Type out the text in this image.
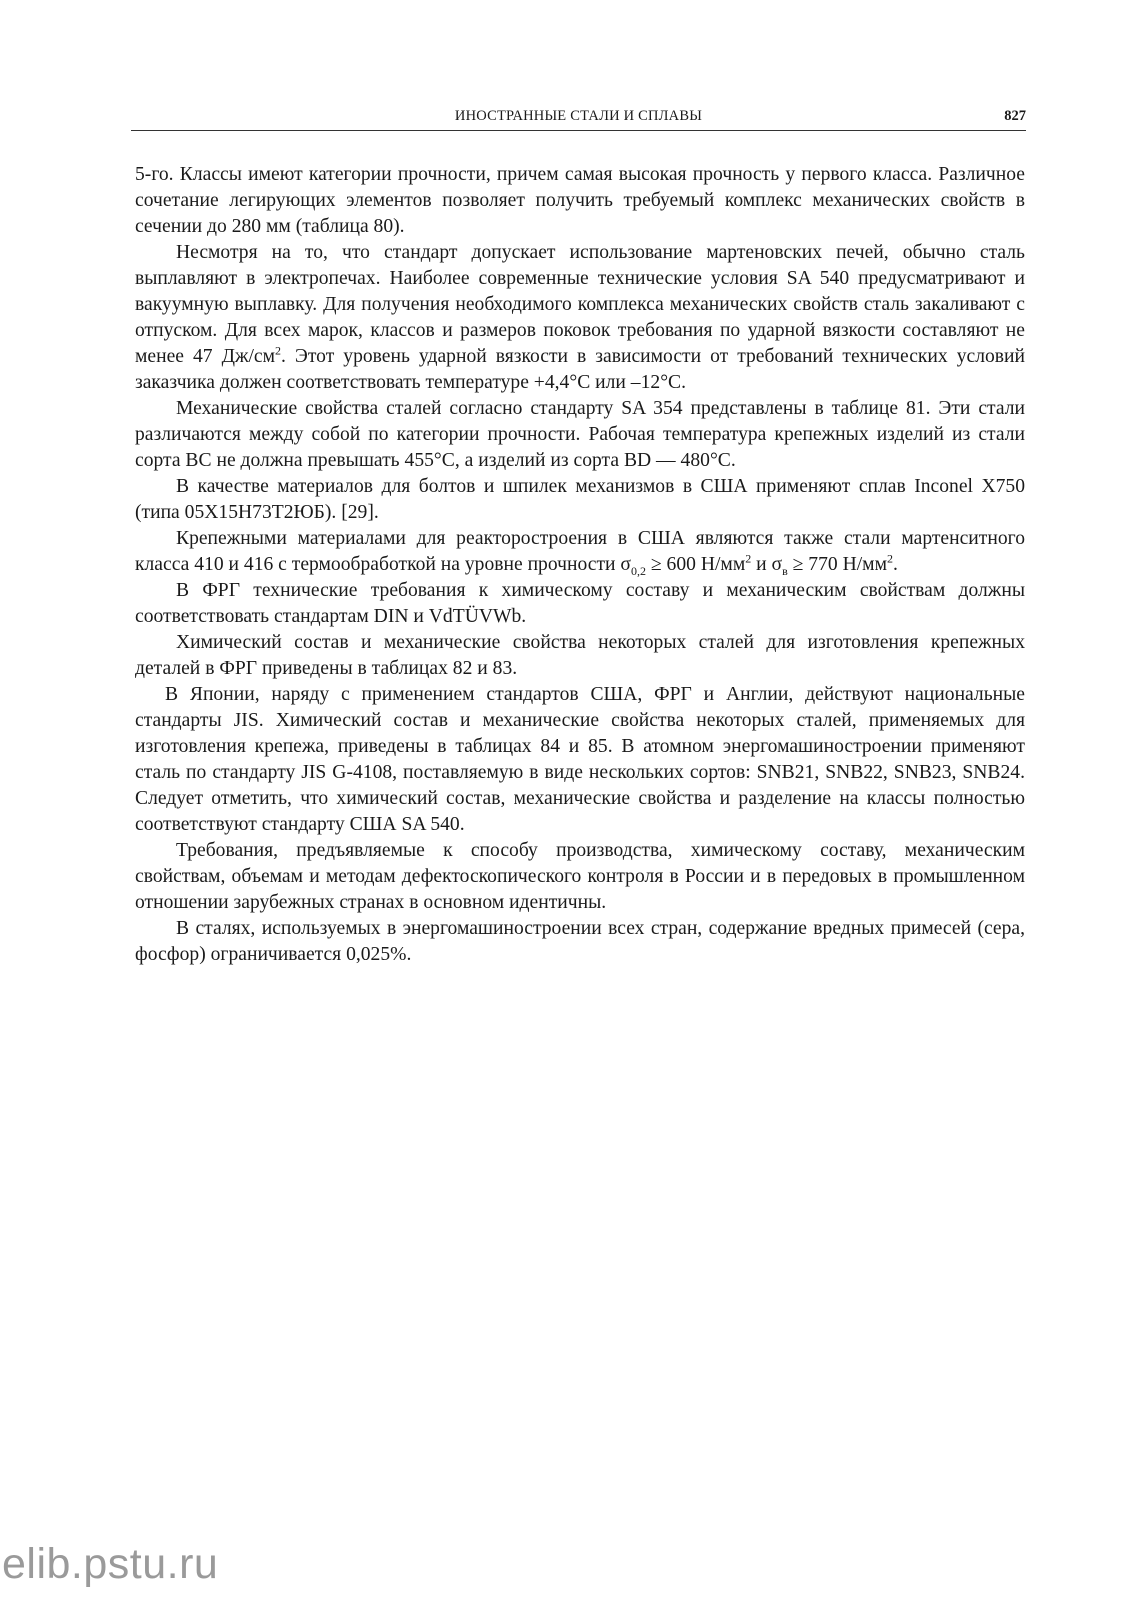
ИНОСТРАННЫЕ СТАЛИ И СПЛАВЫ	827

5-го. Классы имеют категории прочности, причем самая высокая прочность у первого класса. Различное сочетание легирующих элементов позволяет получить требуемый комплекс механических свойств в сечении до 280 мм (таблица 80).

Несмотря на то, что стандарт допускает использование мартеновских печей, обычно сталь выплавляют в электропечах. Наиболее современные технические условия SA 540 предусматривают и вакуумную выплавку. Для получения необходимого комплекса механических свойств сталь закаливают с отпуском. Для всех марок, классов и размеров поковок требования по ударной вязкости составляют не менее 47 $Дж/см^2$. Этот уровень ударной вязкости в зависимости от требований технических условий заказчика должен соответствовать температуре +4,4°C или –12°C.

Механические свойства сталей согласно стандарту SA 354 представлены в таблице 81. Эти стали различаются между собой по категории прочности. Рабочая температура крепежных изделий из стали сорта BC не должна превышать 455°C, а изделий из сорта BD — 480°C.

В качестве материалов для болтов и шпилек механизмов в США применяют сплав Inconel X750 (типа 05Х15Н73Т2ЮБ). [29].

Крепежными материалами для реакторостроения в США являются также стали мартенситного класса 410 и 416 с термообработкой на уровне прочности $\sigma_{0,2} \ge 600$ $Н/мм^2$ и $\sigma_в \ge 770$ $Н/мм^2$.

В ФРГ технические требования к химическому составу и механическим свойствам должны соответствовать стандартам DIN и VdTÜVWb.

Химический состав и механические свойства некоторых сталей для изготовления крепежных деталей в ФРГ приведены в таблицах 82 и 83.

В Японии, наряду с применением стандартов США, ФРГ и Англии, действуют национальные стандарты JIS. Химический состав и механические свойства некоторых сталей, применяемых для изготовления крепежа, приведены в таблицах 84 и 85. В атомном энергомашиностроении применяют сталь по стандарту JIS G-4108, поставляемую в виде нескольких сортов: SNB21, SNB22, SNB23, SNB24. Следует отметить, что химический состав, механические свойства и разделение на классы полностью соответствуют стандарту США SA 540.

Требования, предъявляемые к способу производства, химическому составу, механическим свойствам, объемам и методам дефектоскопического контроля в России и в передовых в промышленном отношении зарубежных странах в основном идентичны.

В сталях, используемых в энергомашиностроении всех стран, содержание вредных примесей (сера, фосфор) ограничивается 0,025%.

elib.pstu.ru
